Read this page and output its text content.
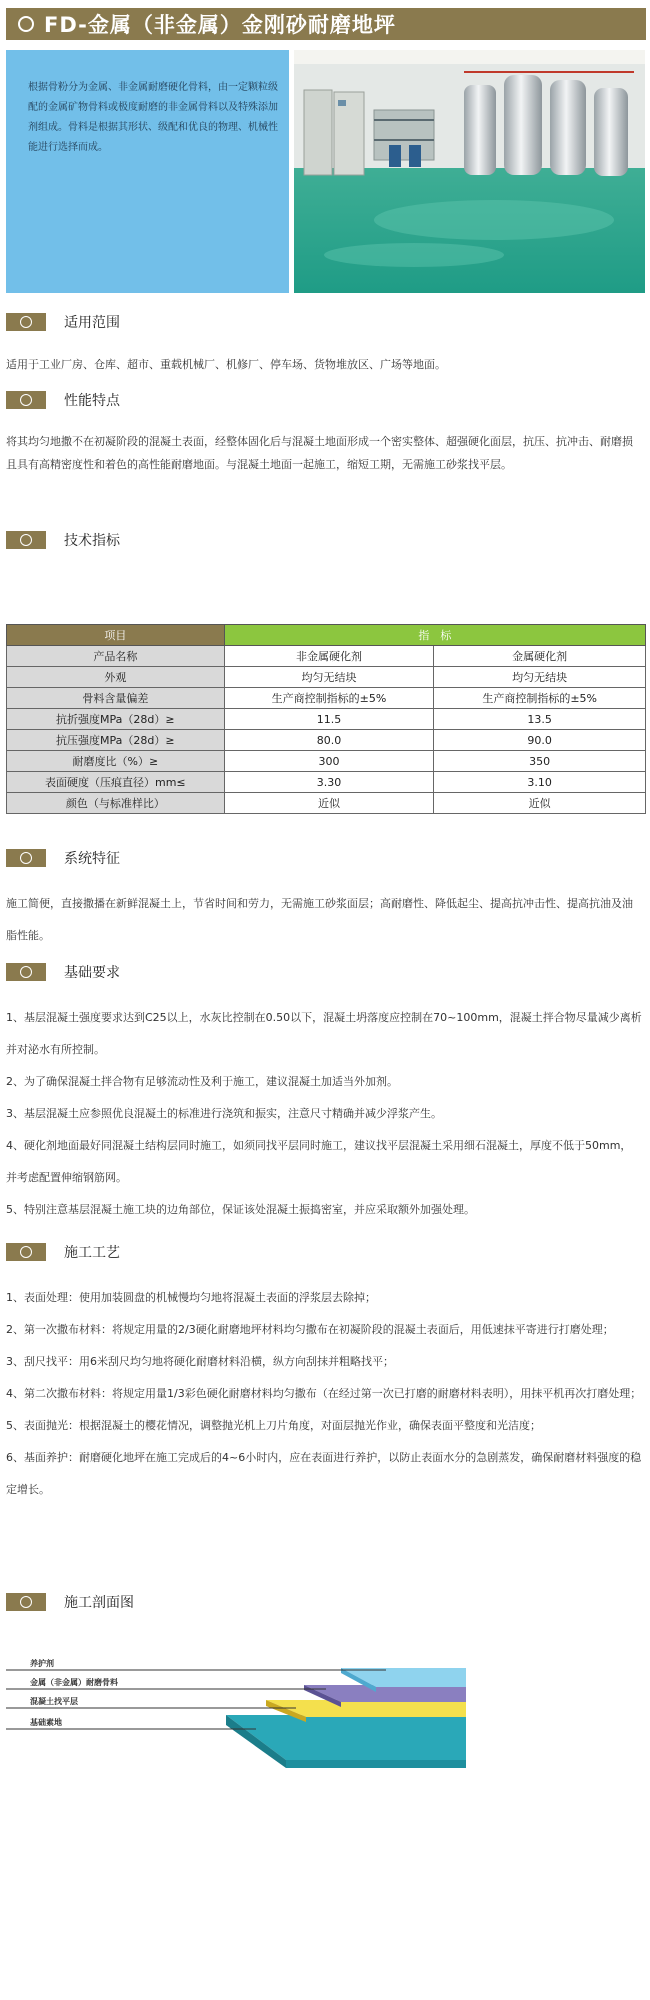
FD-金属（非金属）金刚砂耐磨地坪

根据骨粉分为金属、非金属耐磨硬化骨料，由一定颗粒级配的金属矿物骨料或极度耐磨的非金属骨料以及特殊添加剂组成。骨料是根据其形状、级配和优良的物理、机械性能进行选择而成。

适用范围
适用于工业厂房、仓库、超市、重载机械厂、机修厂、停车场、货物堆放区、广场等地面。
性能特点
将其均匀地撒不在初凝阶段的混凝土表面，经整体固化后与混凝土地面形成一个密实整体、超强硬化面层，抗压、抗冲击、耐磨损且具有高精密度性和着色的高性能耐磨地面。与混凝土地面一起施工，缩短工期，无需施工砂浆找平层。
技术指标
项目	指　标	
产品名称	非金属硬化剂	金属硬化剂
外观	均匀无结块	均匀无结块
骨料含量偏差	生产商控制指标的±5%	生产商控制指标的±5%
抗折强度MPa（28d）≥	11.5	13.5
抗压强度MPa（28d）≥	80.0	90.0
耐磨度比（%）≥	300	350
表面硬度（压痕直径）mm≤	3.30	3.10
颜色（与标准样比）	近似	近似
系统特征
施工简便，直接撒播在新鲜混凝土上，节省时间和劳力，无需施工砂浆面层；高耐磨性、降低起尘、提高抗冲击性、提高抗油及油脂性能。
基础要求
1、基层混凝土强度要求达到C25以上，水灰比控制在0.50以下，混凝土坍落度应控制在70~100mm，混凝土拌合物尽量减少离析并对泌水有所控制。
2、为了确保混凝土拌合物有足够流动性及利于施工，建议混凝土加适当外加剂。
3、基层混凝土应参照优良混凝土的标准进行浇筑和振实，注意尺寸精确并减少浮浆产生。
4、硬化剂地面最好同混凝土结构层同时施工，如须同找平层同时施工，建议找平层混凝土采用细石混凝土，厚度不低于50mm，并考虑配置伸缩钢筋网。
5、特别注意基层混凝土施工块的边角部位，保证该处混凝土振捣密室，并应采取额外加强处理。
施工工艺
1、表面处理：使用加装圆盘的机械慢均匀地将混凝土表面的浮浆层去除掉；
2、第一次撒布材料：将规定用量的2/3硬化耐磨地坪材料均匀撒布在初凝阶段的混凝土表面后，用低速抹平寄进行打磨处理；
3、刮尺找平：用6米刮尺均匀地将硬化耐磨材料沿横，纵方向刮抹并粗略找平；
4、第二次撒布材料：将规定用量1/3彩色硬化耐磨材料均匀撒布（在经过第一次已打磨的耐磨材料表明），用抹平机再次打磨处理；
5、表面抛光：根据混凝土的樱花情况，调整抛光机上刀片角度，对面层抛光作业，确保表面平整度和光洁度；
6、基面养护：耐磨硬化地坪在施工完成后的4~6小时内，应在表面进行养护，以防止表面水分的急剧蒸发，确保耐磨材料强度的稳定增长。
施工剖面图
养护剂
金属（非金属）耐磨骨料
混凝土找平层
基础素地
